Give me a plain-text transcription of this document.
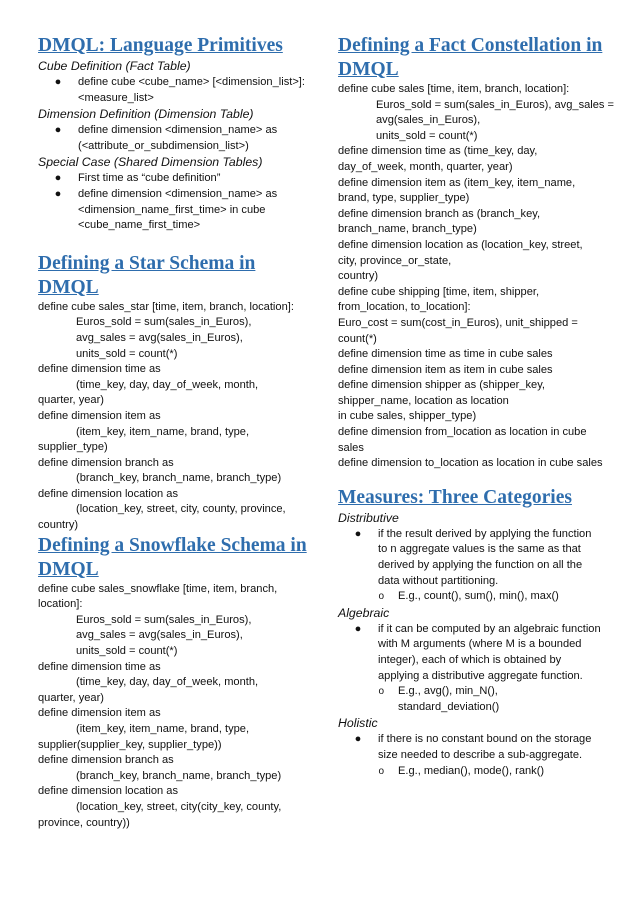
DMQL: Language Primitives
Cube Definition (Fact Table)
●	define cube <cube_name> [<dimension_list>]:
<measure_list>
Dimension Definition (Dimension Table)
●	define dimension <dimension_name> as
(<attribute_or_subdimension_list>)
Special Case (Shared Dimension Tables)
●	First time as “cube definition”
●	define dimension <dimension_name> as
<dimension_name_first_time> in cube
<cube_name_first_time>
Defining a Star Schema in
DMQL
define cube sales_star [time, item, branch, location]:
Euros_sold = sum(sales_in_Euros),
avg_sales = avg(sales_in_Euros),
units_sold = count(*)
define dimension time as
(time_key, day, day_of_week, month,
quarter, year)
define dimension item as
(item_key, item_name, brand, type,
supplier_type)
define dimension branch as
(branch_key, branch_name, branch_type)
define dimension location as
(location_key, street, city, county, province,
country)
Defining a Snowflake Schema in
DMQL
define cube sales_snowflake [time, item, branch,
location]:
Euros_sold = sum(sales_in_Euros),
avg_sales = avg(sales_in_Euros),
units_sold = count(*)
define dimension time as
(time_key, day, day_of_week, month,
quarter, year)
define dimension item as
(item_key, item_name, brand, type,
supplier(supplier_key, supplier_type))
define dimension branch as
(branch_key, branch_name, branch_type)
define dimension location as
(location_key, street, city(city_key, county,
province, country))
Defining a Fact Constellation in
DMQL
define cube sales [time, item, branch, location]:
Euros_sold = sum(sales_in_Euros), avg_sales =
avg(sales_in_Euros),
units_sold = count(*)
define dimension time as (time_key, day,
day_of_week, month, quarter, year)
define dimension item as (item_key, item_name,
brand, type, supplier_type)
define dimension branch as (branch_key,
branch_name, branch_type)
define dimension location as (location_key, street,
city, province_or_state,
country)
define cube shipping [time, item, shipper,
from_location, to_location]:
Euro_cost = sum(cost_in_Euros), unit_shipped =
count(*)
define dimension time as time in cube sales
define dimension item as item in cube sales
define dimension shipper as (shipper_key,
shipper_name, location as location
in cube sales, shipper_type)
define dimension from_location as location in cube
sales
define dimension to_location as location in cube sales
Measures: Three Categories
Distributive
●	if the result derived by applying the function
to n aggregate values is the same as that
derived by applying the function on all the
data without partitioning.
o	E.g., count(), sum(), min(), max()
Algebraic
●	if it can be computed by an algebraic function
with M arguments (where M is a bounded
integer), each of which is obtained by
applying a distributive aggregate function.
o	E.g., avg(), min_N(),
standard_deviation()
Holistic
●	if there is no constant bound on the storage
size needed to describe a sub-aggregate.
o	E.g., median(), mode(), rank()
